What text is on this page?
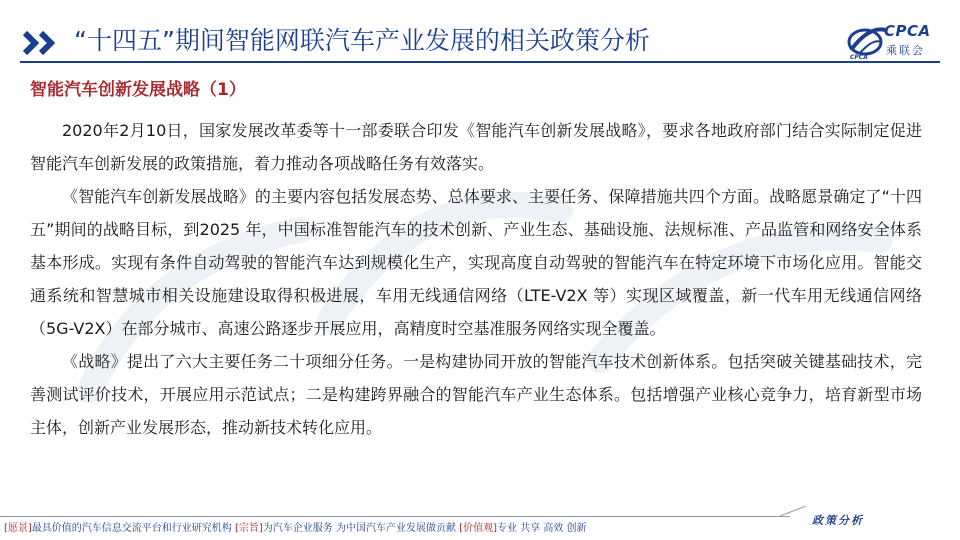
“十四五”期间智能网联汽车产业发展的相关政策分析	CPCA
乘联会
CPCA
智能汽车创新发展战略（1）

2020年2月10日，国家发展改革委等十一部委联合印发《智能汽车创新发展战略》，要求各地政府部门结合实际制定促进智能汽车创新发展的政策措施，着力推动各项战略任务有效落实。

《智能汽车创新发展战略》的主要内容包括发展态势、总体要求、主要任务、保障措施共四个方面。战略愿景确定了“十四五”期间的战略目标，到2025 年，中国标准智能汽车的技术创新、产业生态、基础设施、法规标准、产品监管和网络安全体系基本形成。实现有条件自动驾驶的智能汽车达到规模化生产，实现高度自动驾驶的智能汽车在特定环境下市场化应用。智能交通系统和智慧城市相关设施建设取得积极进展，车用无线通信网络（LTE-V2X 等）实现区域覆盖，新一代车用无线通信网络（5G-V2X）在部分城市、高速公路逐步开展应用，高精度时空基准服务网络实现全覆盖。

《战略》提出了六大主要任务二十项细分任务。一是构建协同开放的智能汽车技术创新体系。包括突破关键基础技术，完善测试评价技术，开展应用示范试点；二是构建跨界融合的智能汽车产业生态体系。包括增强产业核心竞争力，培育新型市场主体，创新产业发展形态，推动新技术转化应用。

政策分析
[愿景]最具价值的汽车信息交流平台和行业研究机构 [宗旨]为汽车企业服务 为中国汽车产业发展做贡献 [价值观]专业 共享 高效 创新
